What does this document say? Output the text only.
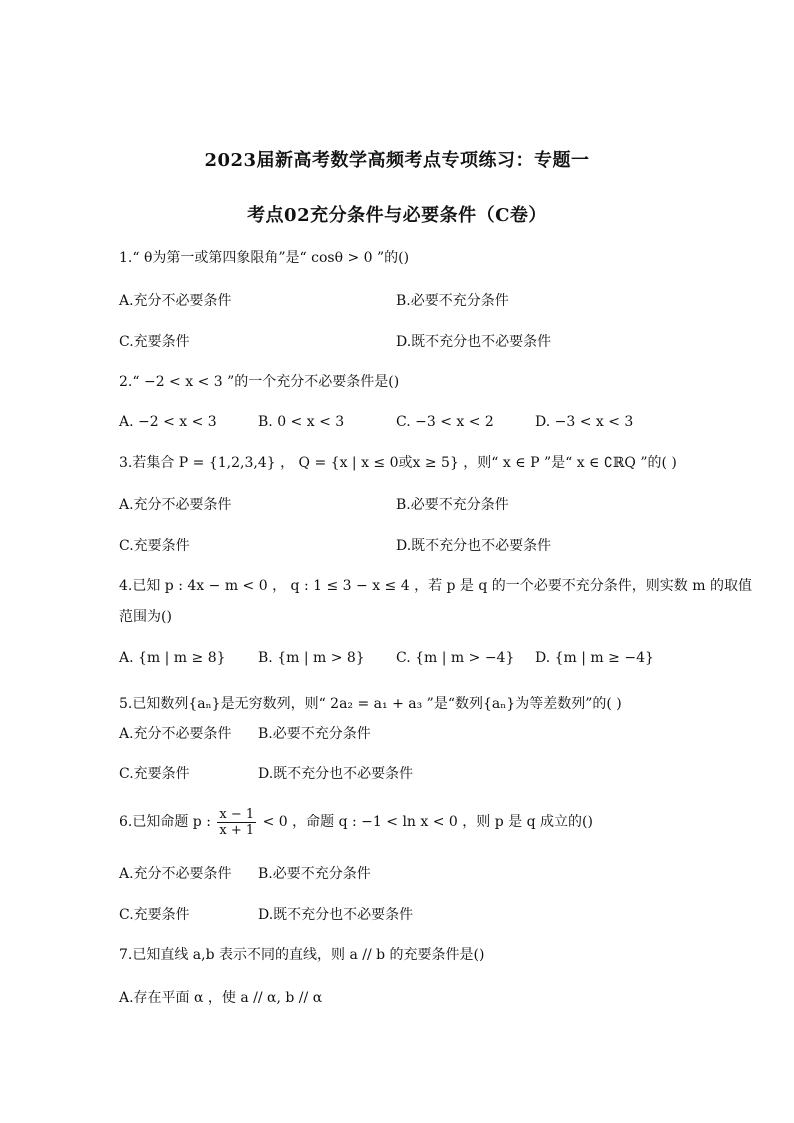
2023届新高考数学高频考点专项练习：专题一
考点02充分条件与必要条件（C卷）
1.“ θ为第一或第四象限角”是“ cosθ > 0 ”的()
A.充分不必要条件	B.必要不充分条件
C.充要条件	D.既不充分也不必要条件
2.“ −2 < x < 3 ”的一个充分不必要条件是()
A. −2 < x < 3	B. 0 < x < 3	C. −3 < x < 2	D. −3 < x < 3
3.若集合 P = {1,2,3,4} ， Q = {x | x ≤ 0或x ≥ 5} ，则“ x ∈ P ”是“ x ∈ ∁ℝQ ”的( )
A.充分不必要条件	B.必要不充分条件
C.充要条件	D.既不充分也不必要条件
4.已知 p : 4x − m < 0 ， q : 1 ≤ 3 − x ≤ 4 ，若 p 是 q 的一个必要不充分条件，则实数 m 的取值
范围为()
A. {m | m ≥ 8} B. {m | m > 8} C. {m | m > −4} D. {m | m ≥ −4}
5.已知数列{aₙ}是无穷数列，则“ 2a₂ = a₁ + a₃ ”是“数列{aₙ}为等差数列”的( )
A.充分不必要条件 B.必要不充分条件
C.充要条件	D.既不充分也不必要条件
6.已知命题 p : $\frac{x - 1}{x + 1} < 0$ ，命题 q : −1 < ln x < 0 ，则 p 是 q 成立的()
A.充分不必要条件 B.必要不充分条件
C.充要条件	D.既不充分也不必要条件
7.已知直线 a,b 表示不同的直线，则 a // b 的充要条件是()
A.存在平面 α ，使 a // α, b // α
